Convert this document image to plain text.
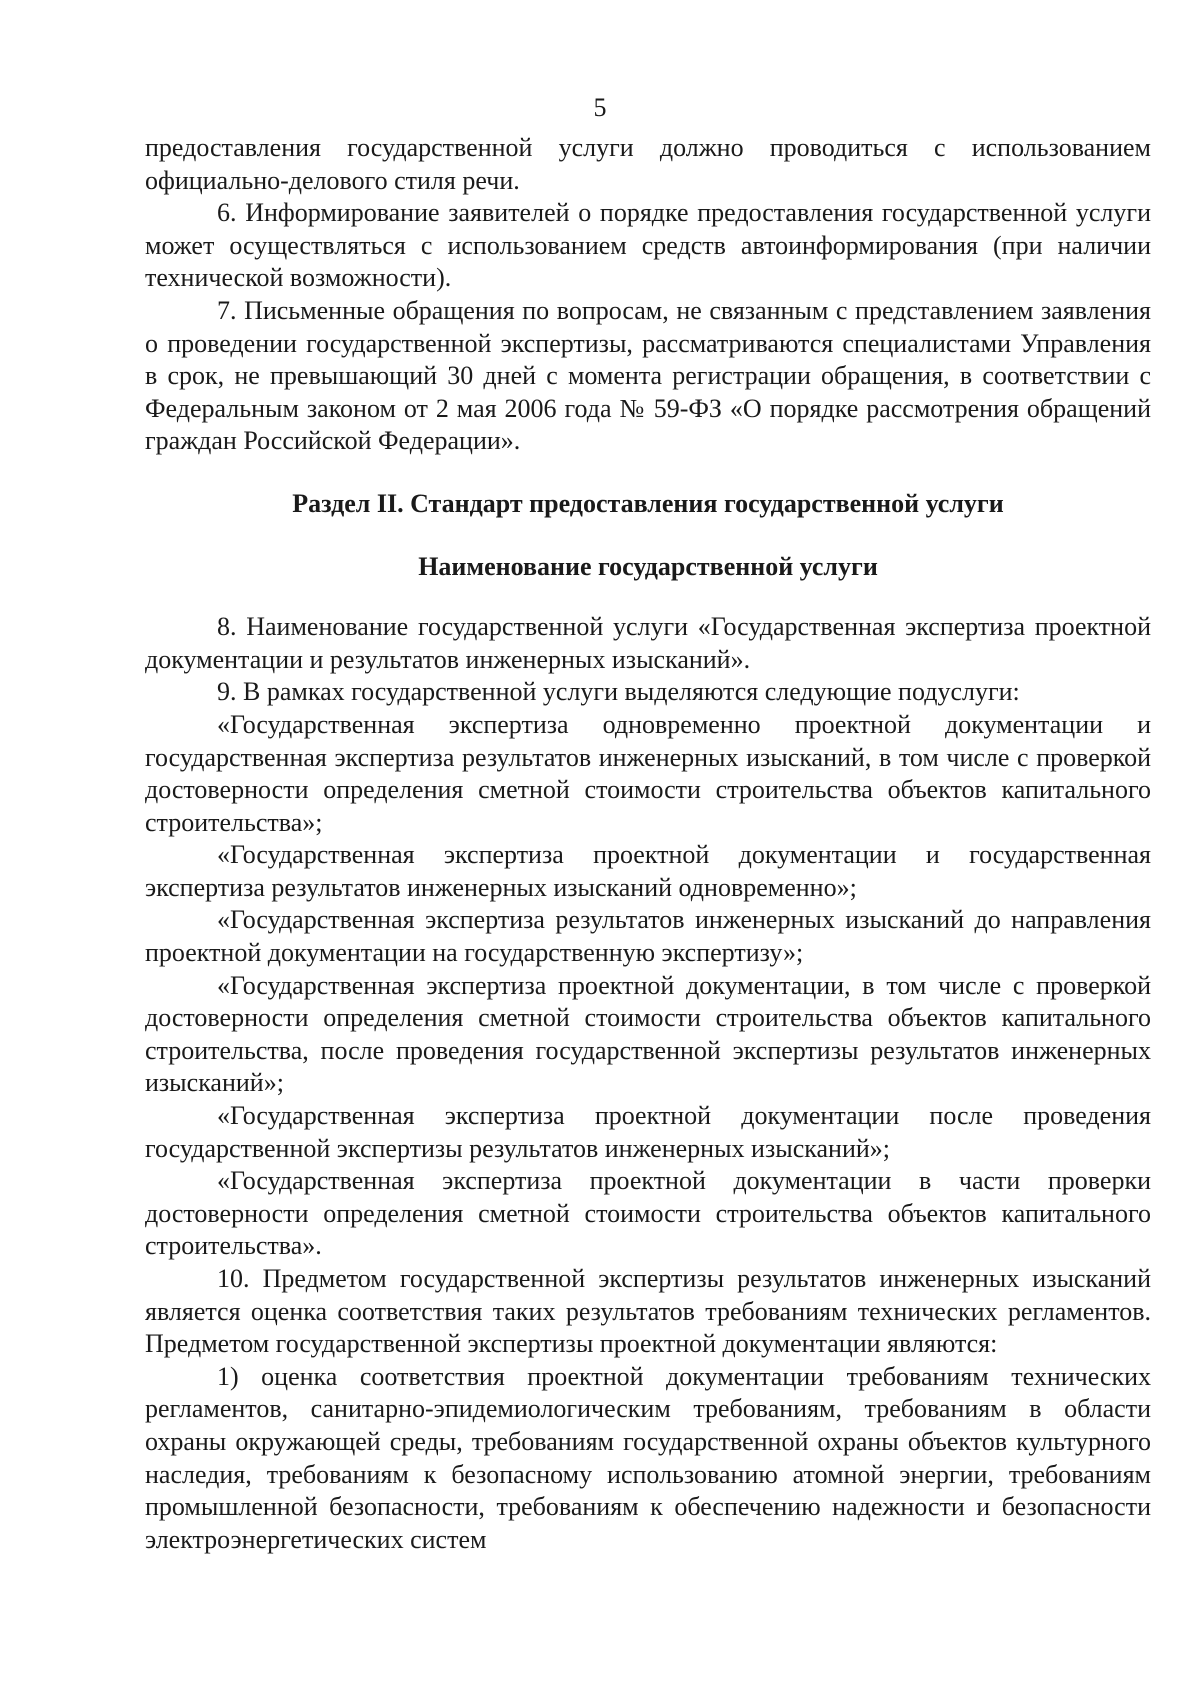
5

предоставления государственной услуги должно проводиться с использованием официально-делового стиля речи.

6. Информирование заявителей о порядке предоставления государственной услуги может осуществляться с использованием средств автоинформирования (при наличии технической возможности).

7. Письменные обращения по вопросам, не связанным с представлением заявления о проведении государственной экспертизы, рассматриваются специалистами Управления в срок, не превышающий 30 дней с момента регистрации обращения, в соответствии с Федеральным законом от 2 мая 2006 года № 59-ФЗ «О порядке рассмотрения обращений граждан Российской Федерации».

Раздел II. Стандарт предоставления государственной услуги

Наименование государственной услуги

8. Наименование государственной услуги «Государственная экспертиза проектной документации и результатов инженерных изысканий».

9. В рамках государственной услуги выделяются следующие подуслуги:

«Государственная экспертиза одновременно проектной документации и государственная экспертиза результатов инженерных изысканий, в том числе с проверкой достоверности определения сметной стоимости строительства объектов капитального строительства»;

«Государственная экспертиза проектной документации и государственная экспертиза результатов инженерных изысканий одновременно»;

«Государственная экспертиза результатов инженерных изысканий до направления проектной документации на государственную экспертизу»;

«Государственная экспертиза проектной документации, в том числе с проверкой достоверности определения сметной стоимости строительства объектов капитального строительства, после проведения государственной экспертизы результатов инженерных изысканий»;

«Государственная экспертиза проектной документации после проведения государственной экспертизы результатов инженерных изысканий»;

«Государственная экспертиза проектной документации в части проверки достоверности определения сметной стоимости строительства объектов капитального строительства».

10. Предметом государственной экспертизы результатов инженерных изысканий является оценка соответствия таких результатов требованиям технических регламентов. Предметом государственной экспертизы проектной документации являются:

1) оценка соответствия проектной документации требованиям технических регламентов, санитарно-эпидемиологическим требованиям, требованиям в области охраны окружающей среды, требованиям государственной охраны объектов культурного наследия, требованиям к безопасному использованию атомной энергии, требованиям промышленной безопасности, требованиям к обеспечению надежности и безопасности электроэнергетических систем
